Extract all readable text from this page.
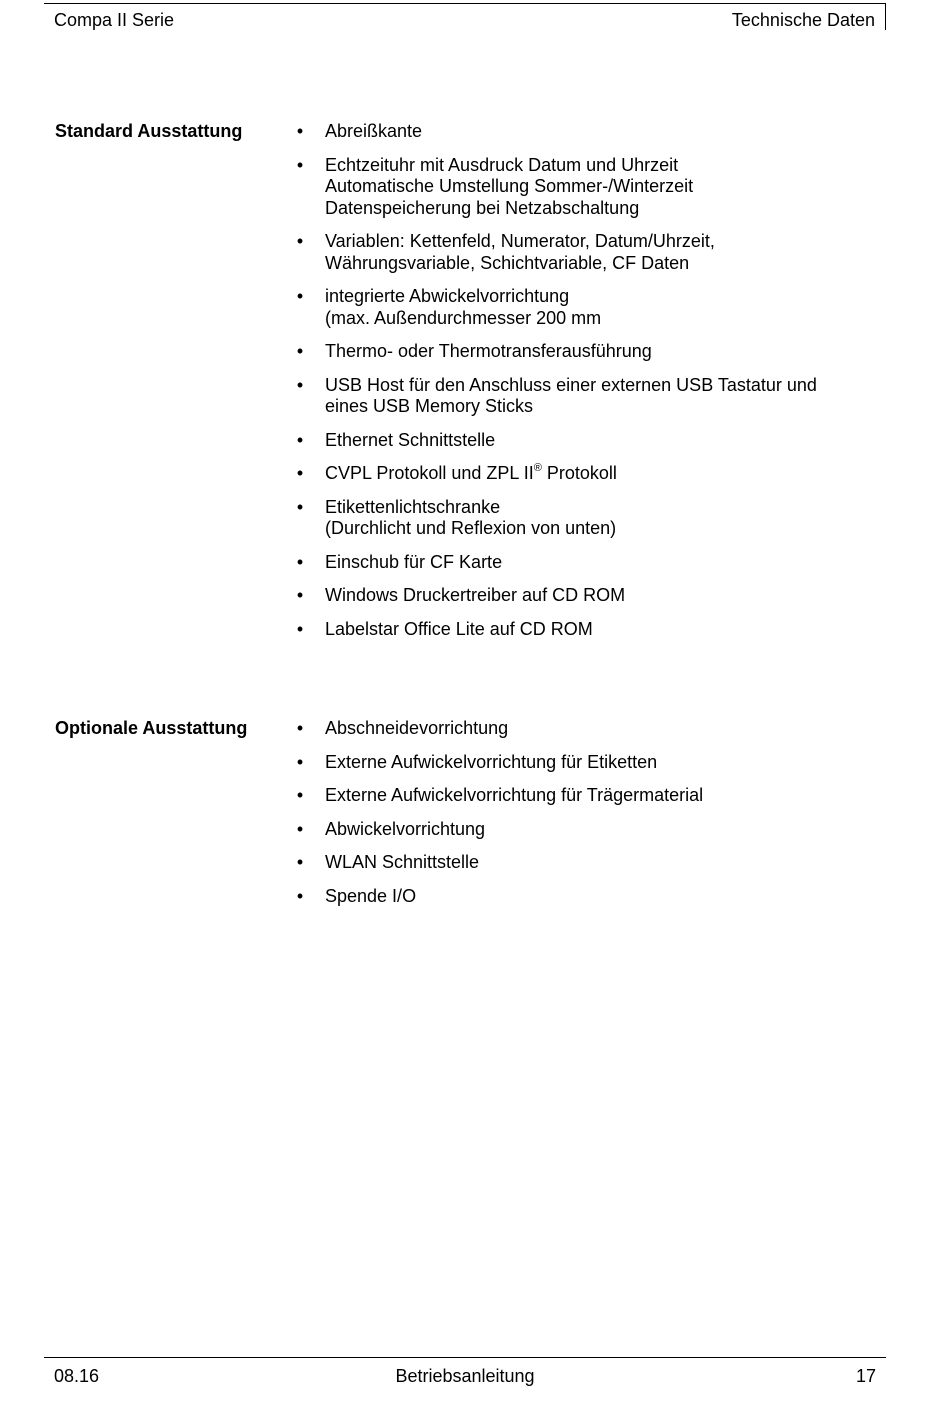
Compa II Serie	Technische Daten
Standard Ausstattung	• Abreißkante
• Echtzeituhr mit Ausdruck Datum und Uhrzeit
Automatische Umstellung Sommer-/Winterzeit
Datenspeicherung bei Netzabschaltung
• Variablen: Kettenfeld, Numerator, Datum/Uhrzeit,
Währungsvariable, Schichtvariable, CF Daten
• integrierte Abwickelvorrichtung
(max. Außendurchmesser 200 mm
• Thermo- oder Thermotransferausführung
• USB Host für den Anschluss einer externen USB Tastatur und
eines USB Memory Sticks
• Ethernet Schnittstelle
• CVPL Protokoll und ZPL II® Protokoll
• Etikettenlichtschranke
(Durchlicht und Reflexion von unten)
• Einschub für CF Karte
• Windows Druckertreiber auf CD ROM
• Labelstar Office Lite auf CD ROM
Optionale Ausstattung	• Abschneidevorrichtung
• Externe Aufwickelvorrichtung für Etiketten
• Externe Aufwickelvorrichtung für Trägermaterial
• Abwickelvorrichtung
• WLAN Schnittstelle
• Spende I/O
08.16	Betriebsanleitung	17
